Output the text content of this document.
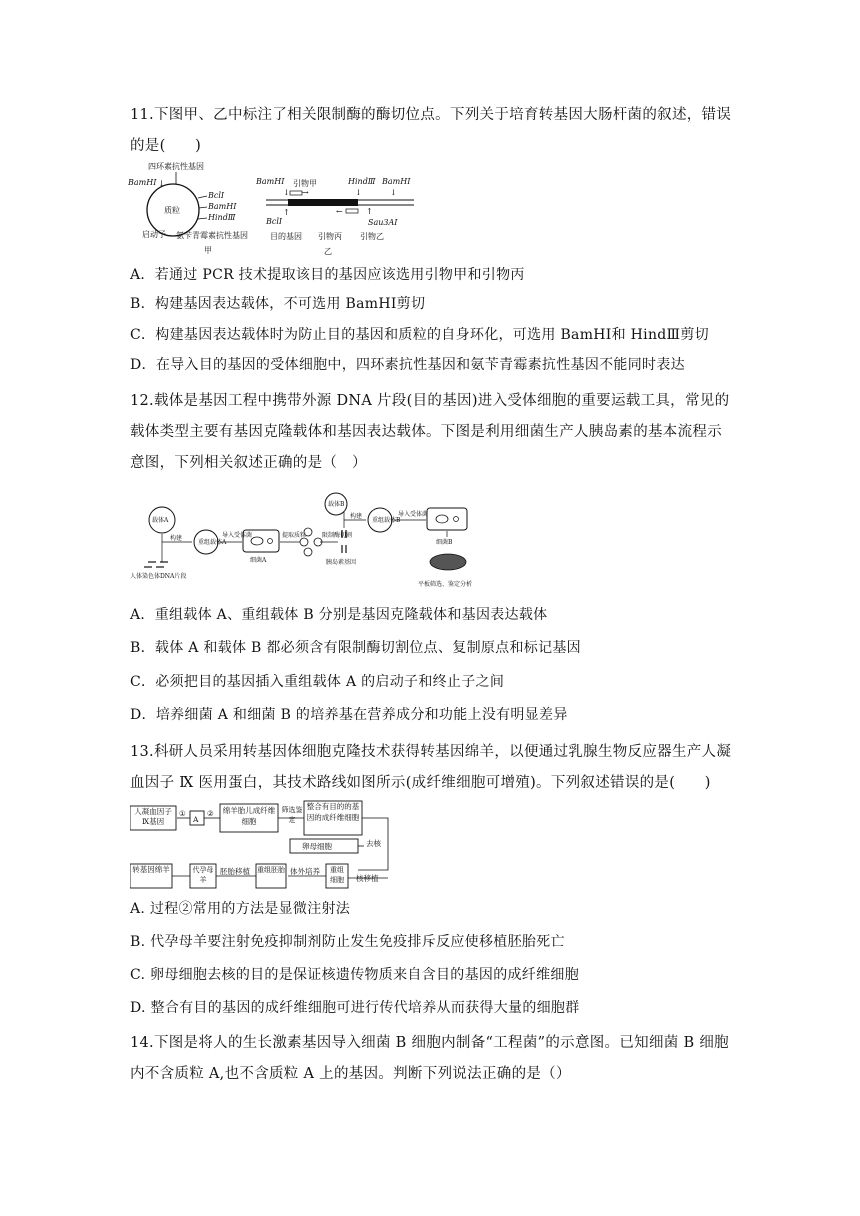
11.下图甲、乙中标注了相关限制酶的酶切位点。下列关于培育转基因大肠杆菌的叙述，错误的是(　　)
质粒
四环素抗性基因
BamHⅠ ↓
BclⅠ
BamHⅠ
HindⅢ
启动子 氨苄青霉素抗性基因
甲
BamHⅠ
↓
引物甲
→
HindⅢ
↓
BamHⅠ
↓
↑
BclⅠ
←	↑
Sau3AⅠ
目的基因 引物丙 引物乙
乙
A．若通过 PCR 技术提取该目的基因应该选用引物甲和引物丙
B．构建基因表达载体，不可选用 BamHⅠ剪切
C．构建基因表达载体时为防止目的基因和质粒的自身环化，可选用 BamHⅠ和 HindⅢ剪切
D．在导入目的基因的受体细胞中，四环素抗性基因和氨苄青霉素抗性基因不能同时表达
12.载体是基因工程中携带外源 DNA 片段(目的基因)进入受体细胞的重要运载工具，常见的载体类型主要有基因克隆载体和基因表达载体。下图是利用细菌生产人胰岛素的基本流程示意图，下列相关叙述正确的是（　）
载体A
构建
人体染色体DNA片段
重组载体A
导入受体菌
细菌A
提取质粒	限制酶切割
胰岛素基因
载体B
构建
重组载体B
导入受体菌
细菌B
平板筛选、鉴定分析
A．重组载体 A、重组载体 B 分别是基因克隆载体和基因表达载体
B．载体 A 和载体 B 都必须含有限制酶切割位点、复制原点和标记基因
C．必须把目的基因插入重组载体 A 的启动子和终止子之间
D．培养细菌 A 和细菌 B 的培养基在营养成分和功能上没有明显差异
13.科研人员采用转基因体细胞克隆技术获得转基因绵羊，以便通过乳腺生物反应器生产人凝血因子 Ⅸ 医用蛋白，其技术路线如图所示(成纤维细胞可增殖)。下列叙述错误的是(　　)
人凝血因子Ⅸ基因
①
A
② 绵羊胎儿成纤维细胞
筛选鉴定
整合有目的的基因的成纤维细胞
去核
卵母细胞
核移植
重组细胞
体外培养
重组胚胎
胚胎移植
代孕母羊
转基因绵羊
A. 过程②常用的方法是显微注射法
B. 代孕母羊要注射免疫抑制剂防止发生免疫排斥反应使移植胚胎死亡
C. 卵母细胞去核的目的是保证核遗传物质来自含目的基因的成纤维细胞
D. 整合有目的基因的成纤维细胞可进行传代培养从而获得大量的细胞群
14.下图是将人的生长激素基因导入细菌 B 细胞内制备“工程菌”的示意图。已知细菌 B 细胞内不含质粒 A,也不含质粒 A 上的基因。判断下列说法正确的是（）
